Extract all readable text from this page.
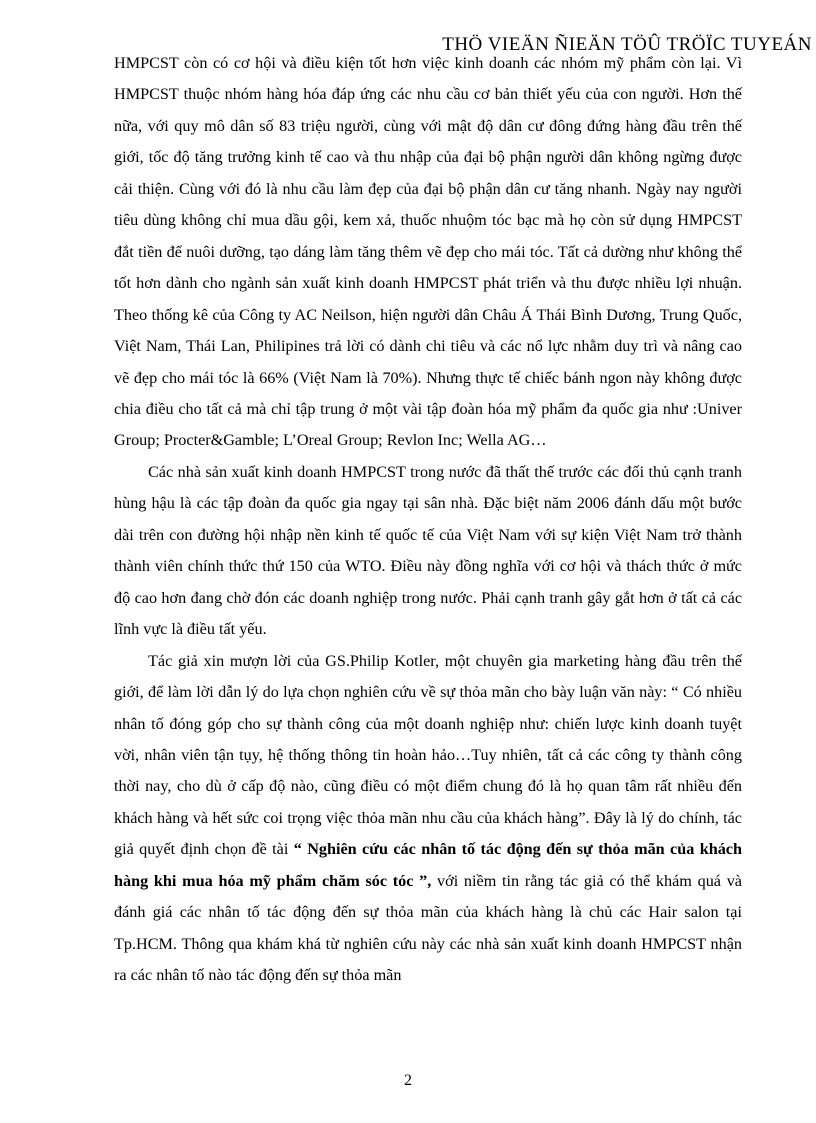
THÖ VIEÄN ÑIEÄN TÖÛ TRÖÏC TUYEÁN

HMPCST còn có cơ hội và điều kiện tốt hơn việc kinh doanh các nhóm mỹ phẩm còn lại. Vì HMPCST thuộc nhóm hàng hóa đáp ứng các nhu cầu cơ bản thiết yếu của con người. Hơn thế nữa, với quy mô dân số 83 triệu người, cùng với mật độ dân cư đông đứng hàng đầu trên thế giới, tốc độ tăng trưởng kinh tế cao và thu nhập của đại bộ phận người dân không ngừng được cải thiện. Cùng với đó là nhu cầu làm đẹp của đại bộ phận dân cư tăng nhanh. Ngày nay người tiêu dùng không chỉ mua dầu gội, kem xả, thuốc nhuộm tóc bạc mà họ còn sử dụng HMPCST đắt tiền để nuôi dưỡng, tạo dáng làm tăng thêm vẽ đẹp cho mái tóc. Tất cả dường như không thể tốt hơn dành cho ngành sản xuất kinh doanh HMPCST phát triển và thu được nhiều lợi nhuận. Theo thống kê của Công ty AC Neilson, hiện người dân Châu Á Thái Bình Dương, Trung Quốc, Việt Nam, Thái Lan, Philipines trả lời có dành chi tiêu và các nổ lực nhằm duy trì và nâng cao vẽ đẹp cho mái tóc là 66% (Việt Nam là 70%). Nhưng thực tế chiếc bánh ngon này không được chia điều cho tất cả mà chỉ tập trung ở một vài tập đoàn hóa mỹ phẩm đa quốc gia như :Univer Group; Procter&Gamble; L’Oreal Group; Revlon Inc; Wella AG…

Các nhà sản xuất kinh doanh HMPCST trong nước đã thất thế trước các đối thủ cạnh tranh hùng hậu là các tập đoàn đa quốc gia ngay tại sân nhà. Đặc biệt năm 2006 đánh dấu một bước dài trên con đường hội nhập nền kinh tế quốc tế của Việt Nam với sự kiện Việt Nam trở thành thành viên chính thức thứ 150 của WTO. Điều này đồng nghĩa với cơ hội và thách thức ở mức độ cao hơn đang chờ đón các doanh nghiệp trong nước. Phải cạnh tranh gây gắt hơn ở tất cả các lĩnh vực là điều tất yếu.

Tác giả xin mượn lời của GS.Philip Kotler, một chuyên gia marketing hàng đầu trên thế giới, để làm lời dẫn lý do lựa chọn nghiên cứu về sự thỏa mãn cho bày luận văn này: “ Có nhiều nhân tố đóng góp cho sự thành công của một doanh nghiệp như: chiến lược kinh doanh tuyệt vời, nhân viên tận tụy, hệ thống thông tin hoàn hảo…Tuy nhiên, tất cả các công ty thành công thời nay, cho dù ở cấp độ nào, cũng điều có một điểm chung đó là họ quan tâm rất nhiều đến khách hàng và hết sức coi trọng việc thỏa mãn nhu cầu của khách hàng”. Đây là lý do chính, tác giả quyết định chọn đề tài “ Nghiên cứu các nhân tố tác động đến sự thỏa mãn của khách hàng khi mua hóa mỹ phẩm chăm sóc tóc ”, với niềm tin rằng tác giả có thể khám quá và đánh giá các nhân tố tác động đến sự thỏa mãn của khách hàng là chủ các Hair salon tại Tp.HCM. Thông qua khám khá từ nghiên cứu này các nhà sản xuất kinh doanh HMPCST nhận ra các nhân tố nào tác động đến sự thỏa mãn

2
